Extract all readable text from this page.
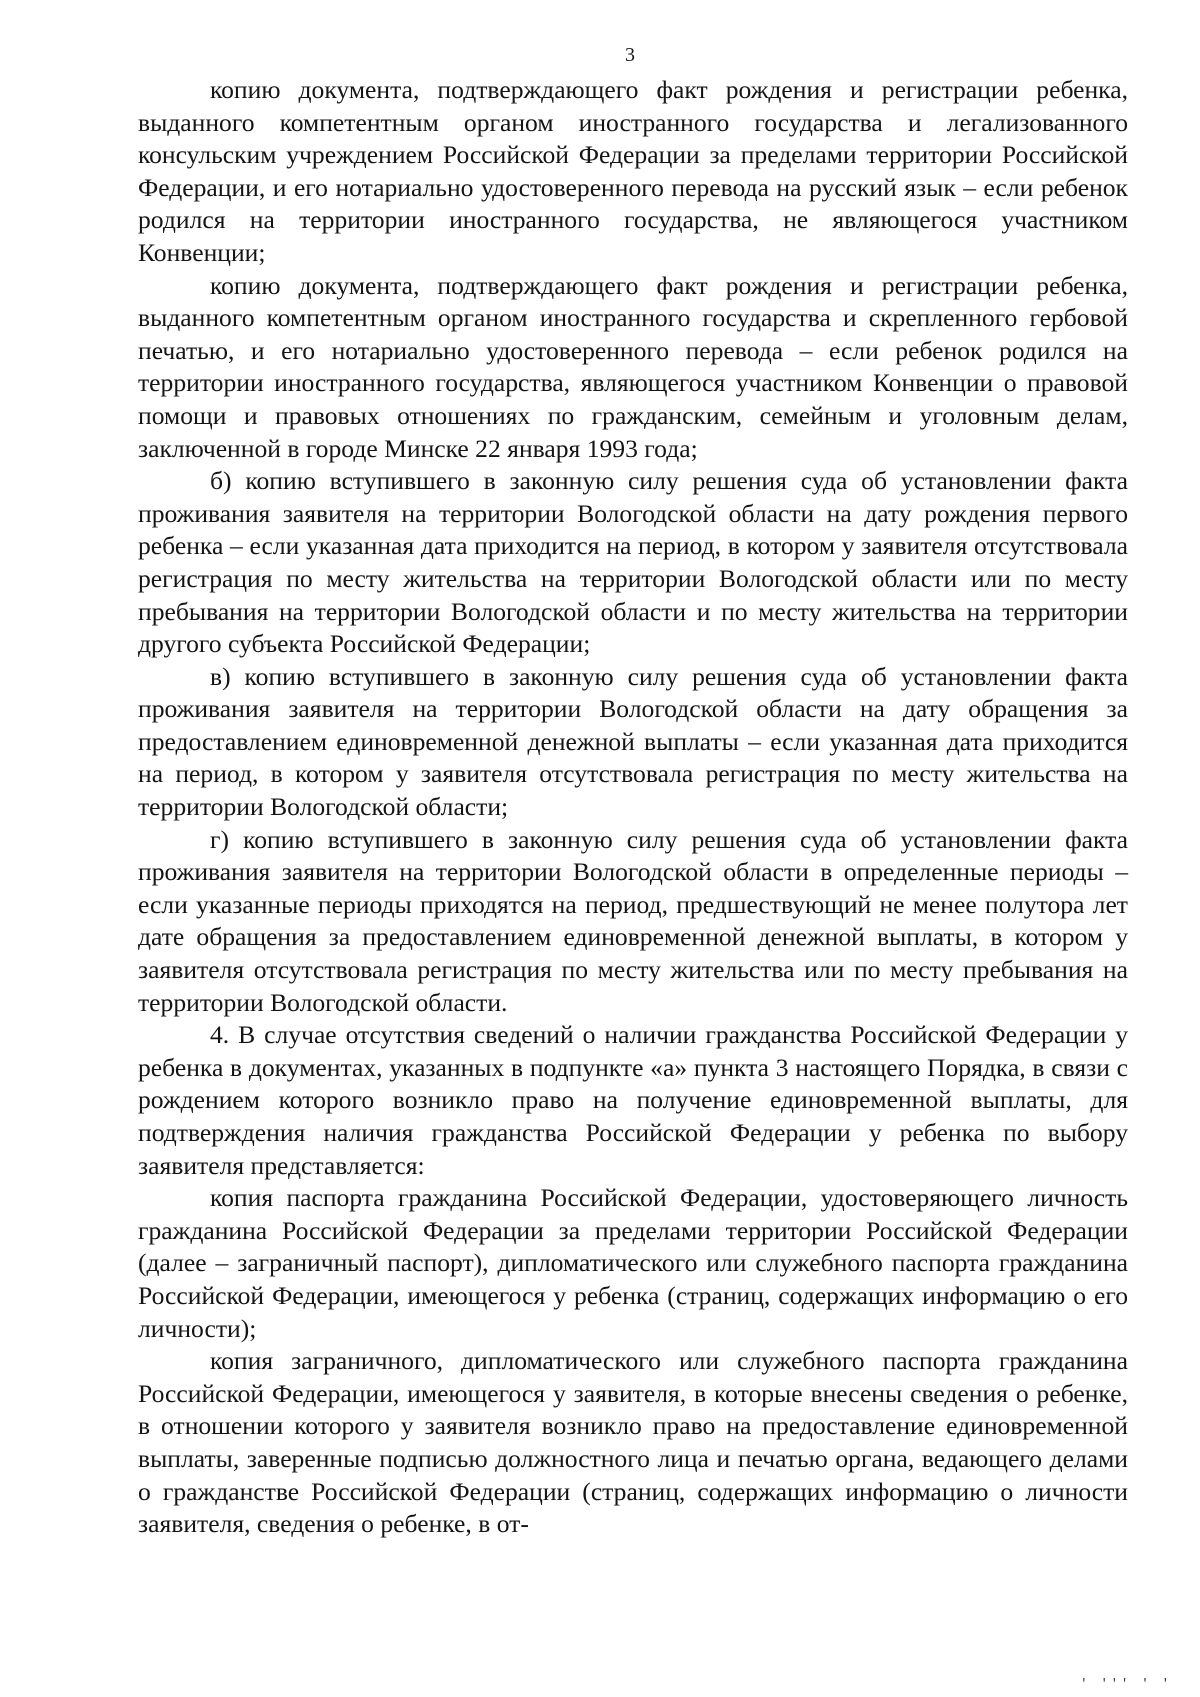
3

копию документа, подтверждающего факт рождения и регистрации ребенка, выданного компетентным органом иностранного государства и легализованного консульским учреждением Российской Федерации за пределами территории Российской Федерации, и его нотариально удостоверенного перевода на русский язык – если ребенок родился на территории иностранного государства, не являющегося участником Конвенции;

копию документа, подтверждающего факт рождения и регистрации ребенка, выданного компетентным органом иностранного государства и скрепленного гербовой печатью, и его нотариально удостоверенного перевода – если ребенок родился на территории иностранного государства, являющегося участником Конвенции о правовой помощи и правовых отношениях по гражданским, семейным и уголовным делам, заключенной в городе Минске 22 января 1993 года;

б) копию вступившего в законную силу решения суда об установлении факта проживания заявителя на территории Вологодской области на дату рождения первого ребенка – если указанная дата приходится на период, в котором у заявителя отсутствовала регистрация по месту жительства на территории Вологодской области или по месту пребывания на территории Вологодской области и по месту жительства на территории другого субъекта Российской Федерации;

в) копию вступившего в законную силу решения суда об установлении факта проживания заявителя на территории Вологодской области на дату обращения за предоставлением единовременной денежной выплаты – если указанная дата приходится на период, в котором у заявителя отсутствовала регистрация по месту жительства на территории Вологодской области;

г) копию вступившего в законную силу решения суда об установлении факта проживания заявителя на территории Вологодской области в определенные периоды – если указанные периоды приходятся на период, предшествующий не менее полутора лет дате обращения за предоставлением единовременной денежной выплаты, в котором у заявителя отсутствовала регистрация по месту жительства или по месту пребывания на территории Вологодской области.

4. В случае отсутствия сведений о наличии гражданства Российской Федерации у ребенка в документах, указанных в подпункте «а» пункта 3 настоящего Порядка, в связи с рождением которого возникло право на получение единовременной выплаты, для подтверждения наличия гражданства Российской Федерации у ребенка по выбору заявителя представляется:

копия паспорта гражданина Российской Федерации, удостоверяющего личность гражданина Российской Федерации за пределами территории Российской Федерации (далее – заграничный паспорт), дипломатического или служебного паспорта гражданина Российской Федерации, имеющегося у ребенка (страниц, содержащих информацию о его личности);

копия заграничного, дипломатического или служебного паспорта гражданина Российской Федерации, имеющегося у заявителя, в которые внесены сведения о ребенке, в отношении которого у заявителя возникло право на предоставление единовременной выплаты, заверенные подписью должностного лица и печатью органа, ведающего делами о гражданстве Российской Федерации (страниц, содержащих информацию о личности заявителя, сведения о ребенке, в от-

' ''' ' '
